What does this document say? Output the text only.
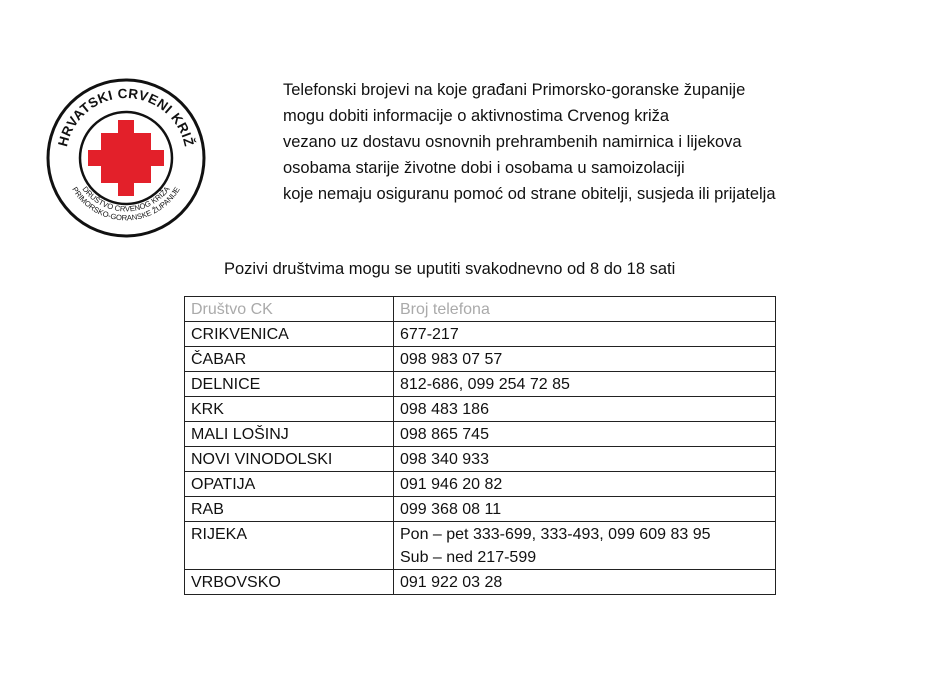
HRVATSKI CRVENI KRIŽ
DRUŠTVO CRVENOG KRIŽA
PRIMORSKO-GORANSKE ŽUPANIJE
Telefonski brojevi na koje građani Primorsko-goranske županije
mogu dobiti informacije o aktivnostima Crvenog križa
vezano uz dostavu osnovnih prehrambenih namirnica i lijekova
osobama starije životne dobi i osobama u samoizolaciji
koje nemaju osiguranu pomoć od strane obitelji, susjeda ili prijatelja
Pozivi društvima mogu se uputiti svakodnevno od 8 do 18 sati
Društvo CK	Broj telefona
CRIKVENICA	677-217
ČABAR	098 983 07 57
DELNICE	812-686, 099 254 72 85
KRK	098 483 186
MALI LOŠINJ	098 865 745
NOVI VINODOLSKI	098 340 933
OPATIJA	091 946 20 82
RAB	099 368 08 11
RIJEKA	Pon – pet 333-699, 333-493, 099 609 83 95
Sub – ned 217-599

VRBOVSKO	091 922 03 28
